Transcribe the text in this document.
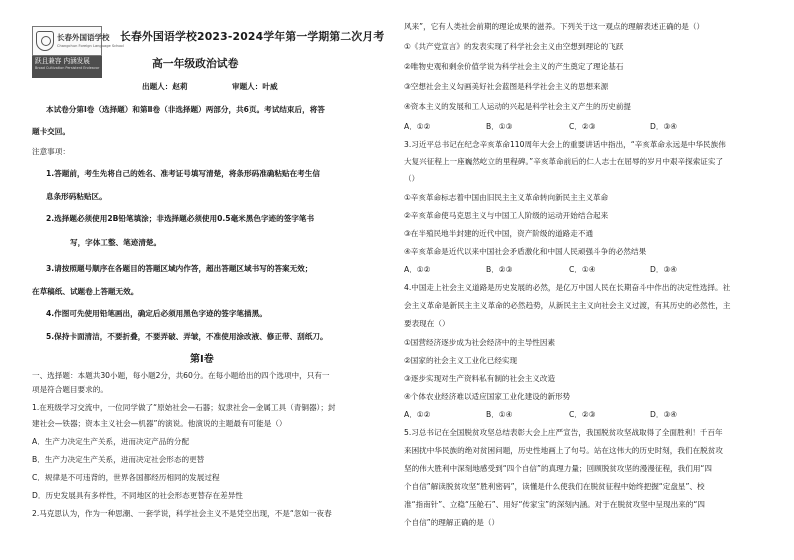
长春外国语学校
Changchun Foreign Language School
跃且兼容 内涵发展
Broad Cultivation Persistent Endeavor
长春外国语学校2023-2024学年第一学期第二次月考
高一年级政治试卷
出题人：赵莉	审题人：叶威
本试卷分第Ⅰ卷（选择题）和第Ⅱ卷（非选择题）两部分，共6页。考试结束后，将答
题卡交回。
注意事项：
1.答题前，考生先将自己的姓名、准考证号填写清楚，将条形码准确粘贴在考生信
息条形码粘贴区。
2.选择题必须使用2B铅笔填涂；非选择题必须使用0.5毫米黑色字迹的签字笔书
写，字体工整、笔迹清楚。
3.请按照题号顺序在各题目的答题区域内作答，超出答题区域书写的答案无效；
在草稿纸、试题卷上答题无效。
4.作图可先使用铅笔画出，确定后必须用黑色字迹的签字笔描黑。
5.保持卡面清洁，不要折叠，不要弄破、弄皱，不准使用涂改液、修正带、刮纸刀。
第Ⅰ卷
一、选择题：本题共30小题，每小题2分，共60分。在每小题给出的四个选项中，只有一
项是符合题目要求的。
1.在班级学习交流中，一位同学做了“原始社会—石器；奴隶社会—金属工具（青铜器）；封
建社会—铁器；资本主义社会—机器”的演说。他演说的主题最有可能是（）
A．生产力决定生产关系，进而决定产品的分配
B．生产力决定生产关系，进而决定社会形态的更替
C．规律是不可违背的，世界各国都经历相同的发展过程
D．历史发展具有多样性，不同地区的社会形态更替存在差异性
2.马克思认为，作为一种思潮、一套学说，科学社会主义不是凭空出现，不是“忽如一夜春
风来”，它有人类社会前期的理论成果的滋养。下列关于这一观点的理解表述正确的是（）
①《共产党宣言》的发表实现了科学社会主义由空想到理论的飞跃
②唯物史观和剩余价值学说为科学社会主义的产生奠定了理论基石
③空想社会主义勾画美好社会蓝图是科学社会主义的思想来源
④资本主义的发展和工人运动的兴起是科学社会主义产生的历史前提
A．①②	B．①③	C．②③	D．③④
3.习近平总书记在纪念辛亥革命110周年大会上的重要讲话中指出，“辛亥革命永远是中华民族伟
大复兴征程上一座巍然屹立的里程碑。”辛亥革命前后的仁人志士在屈辱的岁月中艰辛探索证实了
（）
①辛亥革命标志着中国由旧民主主义革命转向新民主主义革命
②辛亥革命使马克思主义与中国工人阶级的运动开始结合起来
③在半殖民地半封建的近代中国，资产阶级的道路走不通
④辛亥革命是近代以来中国社会矛盾激化和中国人民顽强斗争的必然结果
A．①②	B．②③	C．①④	D．③④
4.中国走上社会主义道路是历史发展的必然，是亿万中国人民在长期奋斗中作出的决定性选择。社
会主义革命是新民主主义革命的必然趋势，从新民主主义向社会主义过渡，有其历史的必然性，主
要表现在（）
①国营经济逐步成为社会经济中的主导性因素
②国家的社会主义工业化已经实现
③逐步实现对生产资料私有制的社会主义改造
④个体农业经济难以适应国家工业化建设的新形势
A．①②	B．①④	C．②③	D．③④
5.习总书记在全国脱贫攻坚总结表彰大会上庄严宣告，我国脱贫攻坚战取得了全面胜利！千百年
来困扰中华民族的绝对贫困问题，历史性地画上了句号。站在这伟大的历史时刻，我们在脱贫攻
坚的伟大胜利中深刻地感受到“四个自信”的真理力量；回顾脱贫攻坚的漫漫征程，我们用“四
个自信”解读脱贫攻坚“胜利密码”，读懂是什么使我们在脱贫征程中始终把握“定盘星”、校
准“指南针”、立稳“压舱石”、用好“传家宝”的深刻内涵。对于在脱贫攻坚中呈现出来的“四
个自信”的理解正确的是（）
